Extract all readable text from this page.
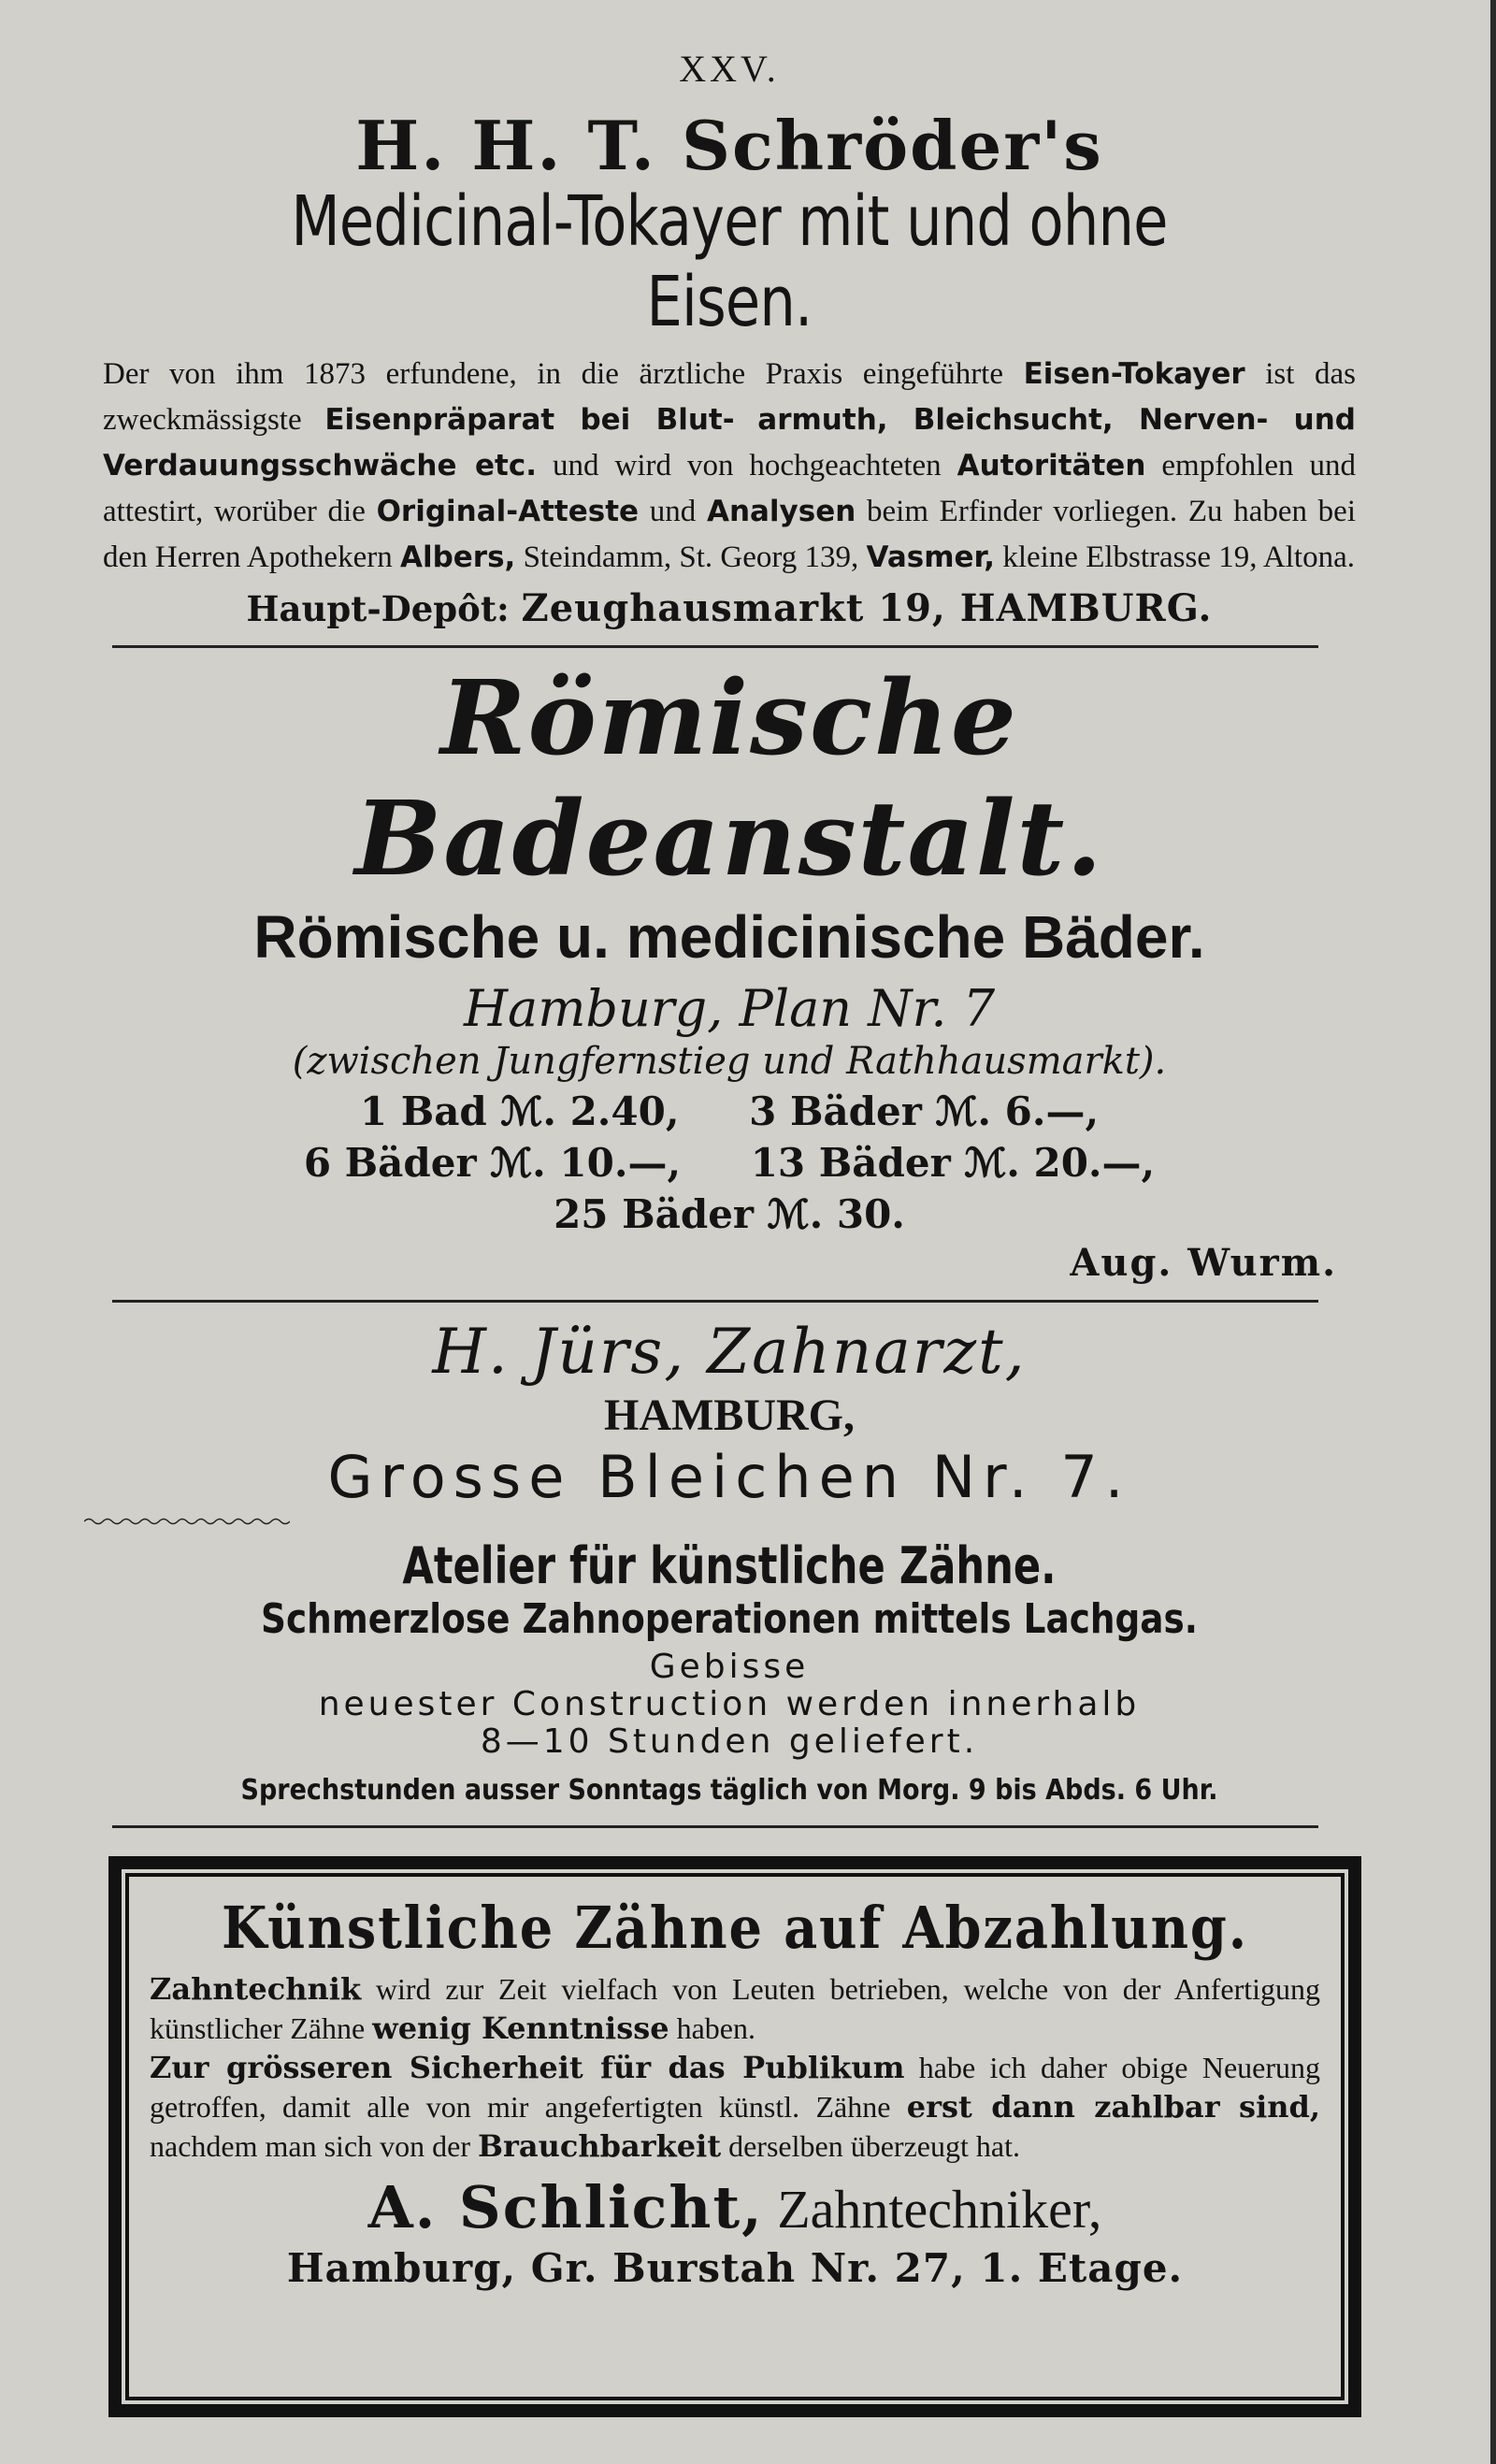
XXV.
H. H. T. Schröder's
Medicinal-Tokayer mit und ohne Eisen.
Der von ihm 1873 erfundene, in die ärztliche Praxis eingeführte Eisen-Tokayer ist das zweckmässigste Eisenpräparat bei Blut- armuth, Bleichsucht, Nerven- und Verdauungsschwäche etc. und wird von hochgeachteten Autoritäten empfohlen und attestirt, worüber die Original-Atteste und Analysen beim Erfinder vorliegen. Zu haben bei den Herren Apothekern Albers, Steindamm, St. Georg 139, Vasmer, kleine Elbstrasse 19, Altona.
Haupt-Depôt: Zeughausmarkt 19, HAMBURG.
Römische Badeanstalt.
Römische u. medicinische Bäder.
Hamburg, Plan Nr. 7
(zwischen Jungfernstieg und Rathhausmarkt).
1 Bad ℳ. 2.40, 3 Bäder ℳ. 6.—,
6 Bäder ℳ. 10.—, 13 Bäder ℳ. 20.—,
25 Bäder ℳ. 30.
Aug. Wurm.
H. Jürs, Zahnarzt,
HAMBURG,
Grosse Bleichen Nr. 7.
Atelier für künstliche Zähne.
Schmerzlose Zahnoperationen mittels Lachgas.
Gebisse
neuester Construction werden innerhalb
8—10 Stunden geliefert.
Sprechstunden ausser Sonntags täglich von Morg. 9 bis Abds. 6 Uhr.
Künstliche Zähne auf Abzahlung.
Zahntechnik wird zur Zeit vielfach von Leuten betrieben, welche von der Anfertigung künstlicher Zähne wenig Kenntnisse haben.
Zur grösseren Sicherheit für das Publikum habe ich daher obige Neuerung getroffen, damit alle von mir angefertigten künstl. Zähne erst dann zahlbar sind, nachdem man sich von der Brauchbarkeit derselben überzeugt hat.
A. Schlicht, Zahntechniker,
Hamburg, Gr. Burstah Nr. 27, 1. Etage.
